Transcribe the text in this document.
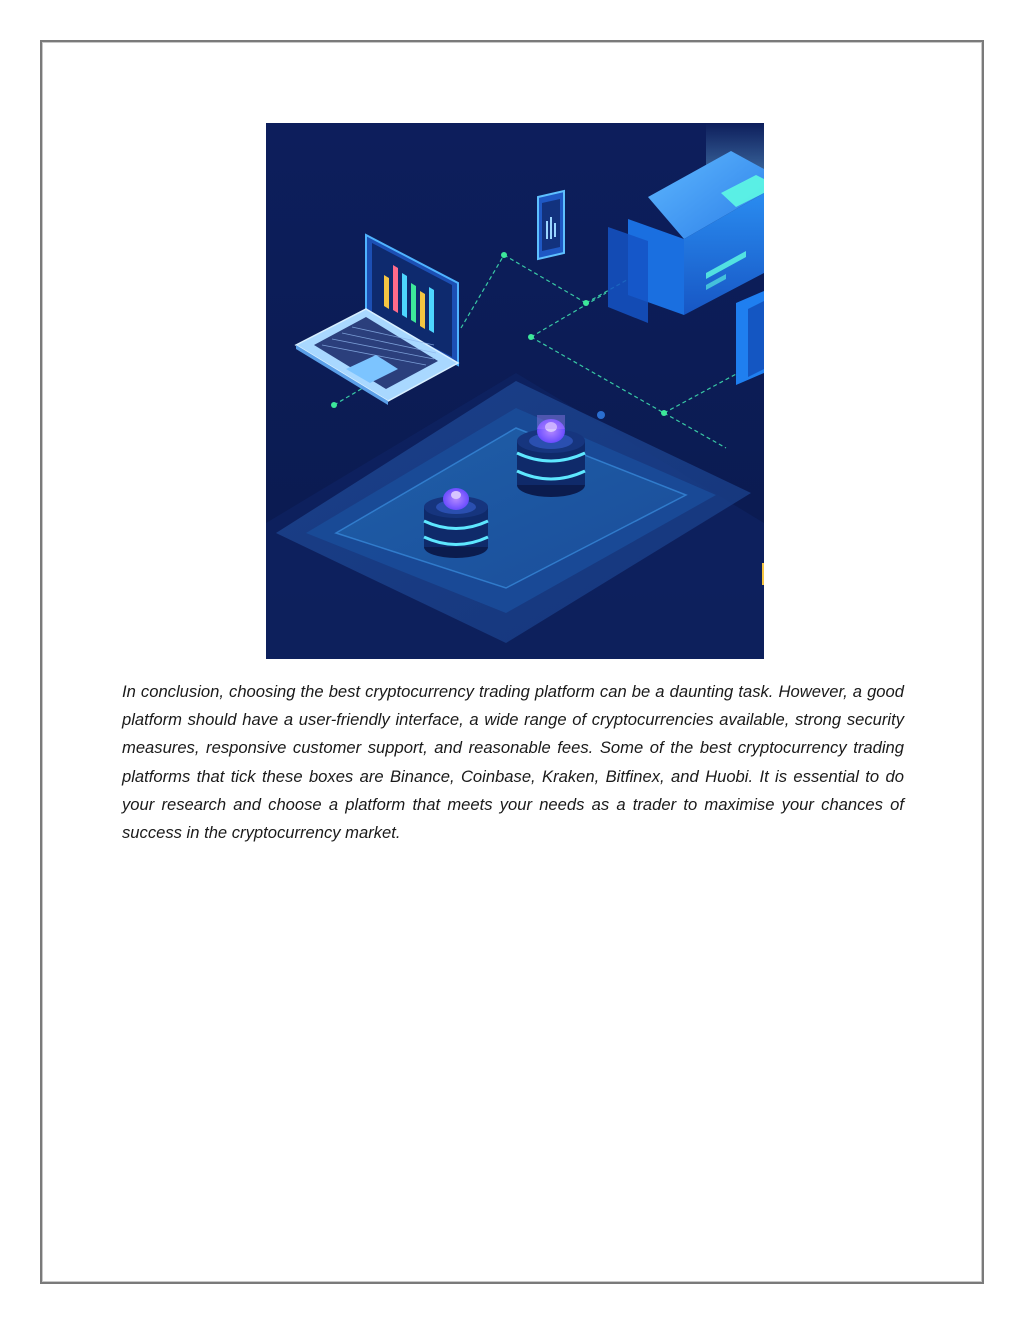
In conclusion, choosing the best cryptocurrency trading platform can be a daunting task. However, a good platform should have a user-friendly interface, a wide range of cryptocurrencies available, strong security measures, responsive customer support, and reasonable fees. Some of the best cryptocurrency trading platforms that tick these boxes are Binance, Coinbase, Kraken, Bitfinex, and Huobi. It is essential to do your research and choose a platform that meets your needs as a trader to maximise your chances of success in the cryptocurrency market.
